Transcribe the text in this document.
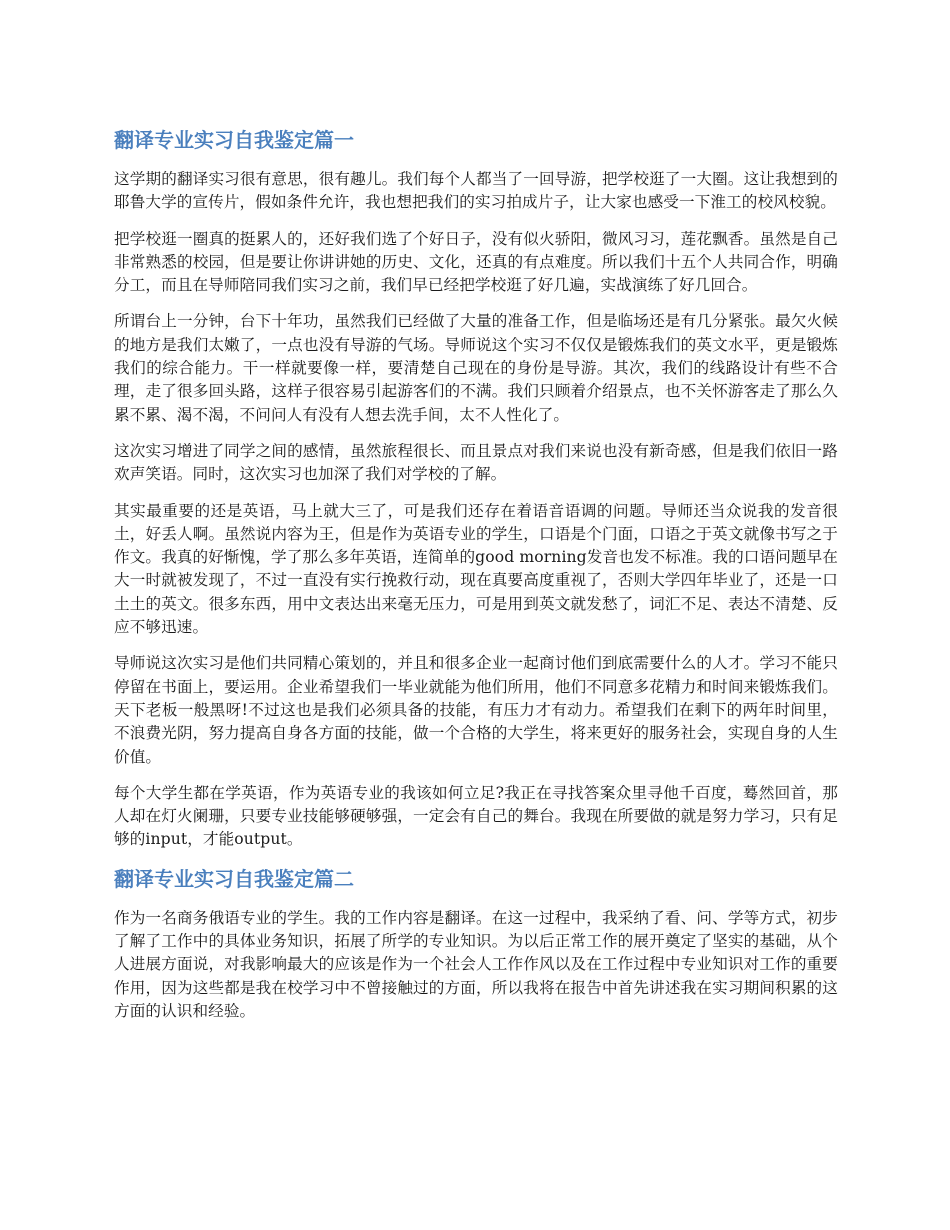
翻译专业实习自我鉴定篇一

这学期的翻译实习很有意思，很有趣儿。我们每个人都当了一回导游，把学校逛了一大圈。这让我想到的耶鲁大学的宣传片，假如条件允许，我也想把我们的实习拍成片子，让大家也感受一下淮工的校风校貌。

把学校逛一圈真的挺累人的，还好我们选了个好日子，没有似火骄阳，微风习习，莲花飘香。虽然是自己非常熟悉的校园，但是要让你讲讲她的历史、文化，还真的有点难度。所以我们十五个人共同合作，明确分工，而且在导师陪同我们实习之前，我们早已经把学校逛了好几遍，实战演练了好几回合。

所谓台上一分钟，台下十年功，虽然我们已经做了大量的准备工作，但是临场还是有几分紧张。最欠火候的地方是我们太嫩了，一点也没有导游的气场。导师说这个实习不仅仅是锻炼我们的英文水平，更是锻炼我们的综合能力。干一样就要像一样，要清楚自己现在的身份是导游。其次，我们的线路设计有些不合理，走了很多回头路，这样子很容易引起游客们的不满。我们只顾着介绍景点，也不关怀游客走了那么久累不累、渴不渴，不问问人有没有人想去洗手间，太不人性化了。

这次实习增进了同学之间的感情，虽然旅程很长、而且景点对我们来说也没有新奇感，但是我们依旧一路欢声笑语。同时，这次实习也加深了我们对学校的了解。

其实最重要的还是英语，马上就大三了，可是我们还存在着语音语调的问题。导师还当众说我的发音很土，好丢人啊。虽然说内容为王，但是作为英语专业的学生，口语是个门面，口语之于英文就像书写之于作文。我真的好惭愧，学了那么多年英语，连简单的good morning发音也发不标准。我的口语问题早在大一时就被发现了，不过一直没有实行挽救行动，现在真要高度重视了，否则大学四年毕业了，还是一口土土的英文。很多东西，用中文表达出来毫无压力，可是用到英文就发愁了，词汇不足、表达不清楚、反应不够迅速。

导师说这次实习是他们共同精心策划的，并且和很多企业一起商讨他们到底需要什么的人才。学习不能只停留在书面上，要运用。企业希望我们一毕业就能为他们所用，他们不同意多花精力和时间来锻炼我们。天下老板一般黑呀!不过这也是我们必须具备的技能，有压力才有动力。希望我们在剩下的两年时间里，不浪费光阴，努力提高自身各方面的技能，做一个合格的大学生，将来更好的服务社会，实现自身的人生价值。

每个大学生都在学英语，作为英语专业的我该如何立足?我正在寻找答案众里寻他千百度，蓦然回首，那人却在灯火阑珊，只要专业技能够硬够强，一定会有自己的舞台。我现在所要做的就是努力学习，只有足够的input，才能output。

翻译专业实习自我鉴定篇二

作为一名商务俄语专业的学生。我的工作内容是翻译。在这一过程中，我采纳了看、问、学等方式，初步了解了工作中的具体业务知识，拓展了所学的专业知识。为以后正常工作的展开奠定了坚实的基础，从个人进展方面说，对我影响最大的应该是作为一个社会人工作作风以及在工作过程中专业知识对工作的重要作用，因为这些都是我在校学习中不曾接触过的方面，所以我将在报告中首先讲述我在实习期间积累的这方面的认识和经验。
